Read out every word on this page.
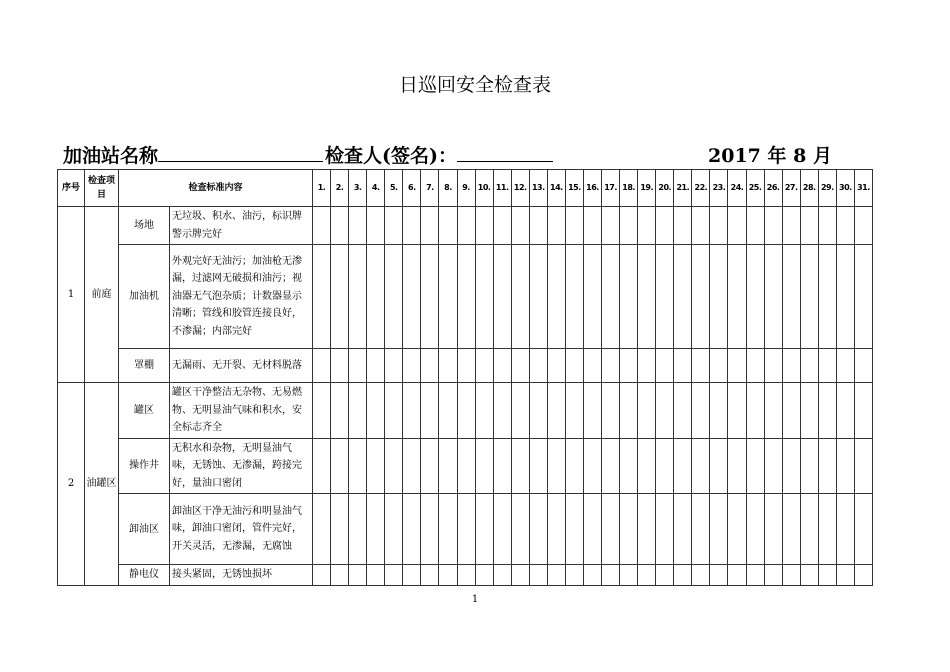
日巡回安全检查表
加油站名称	检查人(签名)：	2017 年 8 月
序号	检查项目	检查标准内容		1.	2.	3.	4.	5.	6.	7.	8.	9.	10.	11.	12.	13.	14.	15.	16.	17.	18.	19.	20.	21.	22.	23.	24.	25.	26.	27.	28.	29.	30.	31.
1	前庭	场地	无垃圾、积水、油污，标识牌警示牌完好																															
		加油机	外观完好无油污；加油枪无渗漏，过滤网无破损和油污；视油器无气泡杂质；计数器显示清晰；管线和胶管连接良好，不渗漏；内部完好																															
		罩棚	无漏雨、无开裂、无材料脱落																															
2	油罐区	罐区	罐区干净整洁无杂物、无易燃物、无明显油气味和积水，安全标志齐全																															
		操作井	无积水和杂物，无明显油气味，无锈蚀、无渗漏，跨接完好，量油口密闭																															
		卸油区	卸油区干净无油污和明显油气味，卸油口密闭，管件完好，开关灵活，无渗漏，无腐蚀																															
		静电仪	接头紧固，无锈蚀损坏																															
1
